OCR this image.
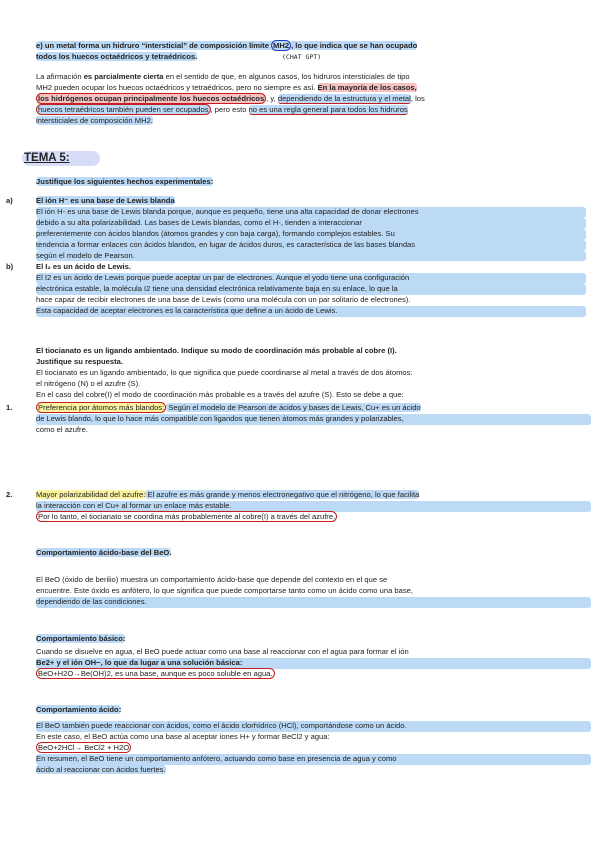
e) un metal forma un hidruro “intersticial” de composición límite MH2 , lo que indica que se han ocupado
todos los huecos octaédricos y tetraédricos.	(CHAT GPT)

La afirmación es parcialmente cierta en el sentido de que, en algunos casos, los hidruros intersticiales de tipo

MH2 pueden ocupar los huecos octaédricos y tetraédricos, pero no siempre es así. En la mayoría de los casos,

los hidrógenos ocupan principalmente los huecos octaédricos , y, dependiendo de la estructura y el metal, los

huecos tetraédricos también pueden ser ocupados , pero esto no es una regla general para todos los hidruros

intersticiales de composición MH2.

TEMA 5:
Justifique los siguientes hechos experimentales:
a)	El ión H⁻ es una base de Lewis blanda

El ión H- es una base de Lewis blanda porque, aunque es pequeño, tiene una alta capacidad de donar electrones

debido a su alta polarizabilidad. Las bases de Lewis blandas, como el H-, tienden a interaccionar

preferentemente con ácidos blandos (átomos grandes y con baja carga), formando complejos estables. Su

tendencia a formar enlaces con ácidos blandos, en lugar de ácidos duros, es característica de las bases blandas

según el modelo de Pearson.

b)	El I₂ es un ácido de Lewis.

El I2 es un ácido de Lewis porque puede aceptar un par de electrones. Aunque el yodo tiene una configuración

electrónica estable, la molécula I2 tiene una densidad electrónica relativamente baja en su enlace, lo que la

hace capaz de recibir electrones de una base de Lewis (como una molécula con un par solitario de electrones).

Esta capacidad de aceptar electrones es la característica que define a un ácido de Lewis.

El tiocianato es un ligando ambientado. Indique su modo de coordinación más probable al cobre (I).

Justifique su respuesta.

El tiocianato es un ligando ambientado, lo que significa que puede coordinarse al metal a través de dos átomos:

el nitrógeno (N) o el azufre (S).

En el caso del cobre(I) el modo de coordinación más probable es a través del azufre (S). Esto se debe a que:

1.	Preferencia por átomos más blandos: Según el modelo de Pearson de ácidos y bases de Lewis, Cu+ es un ácido

de Lewis blando, lo que lo hace más compatible con ligandos que tienen átomos más grandes y polarizables,

como el azufre.

2.	Mayor polarizabilidad del azufre: El azufre es más grande y menos electronegativo que el nitrógeno, lo que facilita

la interacción con el Cu+ al formar un enlace más estable.

Por lo tanto, el tiocianato se coordina más probablemente al cobre(I) a través del azufre.

Comportamiento ácido-base del BeO.

El BeO (óxido de berilio) muestra un comportamiento ácido-base que depende del contexto en el que se

encuentre. Este óxido es anfótero, lo que significa que puede comportarse tanto como un ácido como una base,

dependiendo de las condiciones.

Comportamiento básico:

Cuando se disuelve en agua, el BeO puede actuar como una base al reaccionar con el agua para formar el ión

Be2+ y el ión OH−, lo que da lugar a una solución básica:

BeO+H2O→Be(OH)2, es una base, aunque es poco soluble en agua.

Comportamiento ácido:

El BeO también puede reaccionar con ácidos, como el ácido clorhídrico (HCl), comportándose como un ácido.

En este caso, el BeO actúa como una base al aceptar iones H+ y formar BeCl2 y agua:

BeO+2HCl→ BeCl2 + H2O

En resumen, el BeO tiene un comportamiento anfótero, actuando como base en presencia de agua y como

ácido al reaccionar con ácidos fuertes.
